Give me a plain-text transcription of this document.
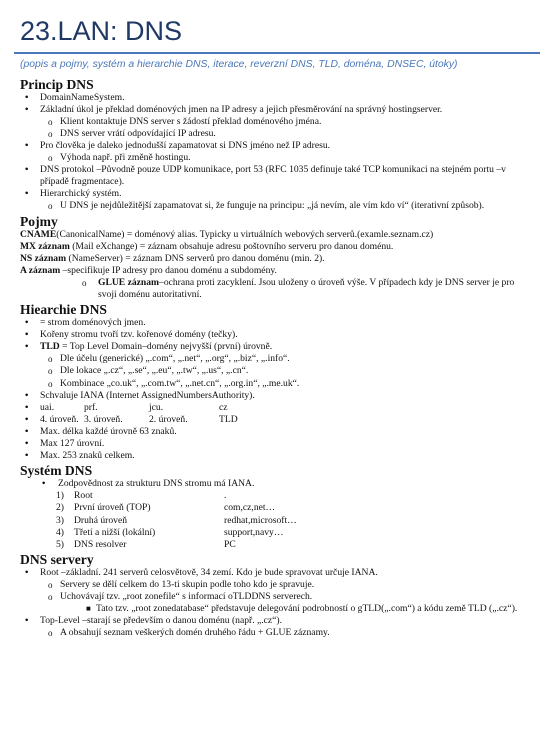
23.LAN: DNS
(popis a pojmy, systém a hierarchie DNS, iterace, reverzní DNS, TLD, doména, DNSEC, útoky)
Princip DNS
• DomainNameSystem.
• Základní úkol je překlad doménových jmen na IP adresy a jejich přesměrování na správný hostingserver.
o Klient kontaktuje DNS server s žádostí překlad doménového jména.
o DNS server vrátí odpovídající IP adresu.
• Pro člověka je daleko jednodušší zapamatovat si DNS jméno než IP adresu.
o Výhoda např. při změně hostingu.
• DNS protokol –Původně pouze UDP komunikace, port 53 (RFC 1035 definuje také TCP komunikaci na stejném portu –v případě fragmentace).
• Hierarchický systém.
o U DNS je nejdůležitější zapamatovat si, že funguje na principu: „já nevím, ale vím kdo ví“ (iterativní způsob).
Pojmy
CNAME(CanonicalName) = doménový alias. Typicky u virtuálních webových serverů.(examle.seznam.cz)
MX záznam (Mail eXchange) = záznam obsahuje adresu poštovního serveru pro danou doménu.
NS záznam (NameServer) = záznam DNS serverů pro danou doménu (min. 2).
A záznam –specifikuje IP adresy pro danou doménu a subdomény.
o GLUE záznam–ochrana proti zacyklení. Jsou uloženy o úroveň výše. V případech kdy je DNS server je pro svoji doménu autoritativní.
Hiearchie DNS
• = strom doménových jmen.
• Kořeny stromu tvoří tzv. kořenové domény (tečky).
• TLD = Top Level Domain–domény nejvyšší (první) úrovně.
o Dle účelu (generické) „.com“, „.net“, „.org“, „.biz“, „.info“.
o Dle lokace „.cz“, „.se“, „.eu“, „.tw“, „.us“, „.cn“.
o Kombinace „co.uk“, „.com.tw“, „.net.cn“, „.org.in“, „.me.uk“.
• Schvaluje IANA (Internet AssignedNumbersAuthority).
• uai.	prf.	jcu.	cz
• 4. úroveň. 3. úroveň.	2. úroveň.	TLD
• Max. délka každé úrovně 63 znaků.
• Max 127 úrovní.
• Max. 253 znaků celkem.
Systém DNS
• Zodpovědnost za strukturu DNS stromu má IANA.
1)	Root	.
2)	První úroveň (TOP)	com,cz,net…
3)	Druhá úroveň	redhat,microsoft…
4)	Třetí a nižší (lokální)	support,navy…
5)	DNS resolver	PC
DNS servery
• Root –základní. 241 serverů celosvětově, 34 zemí. Kdo je bude spravovat určuje IANA.
o Servery se dělí celkem do 13-ti skupin podle toho kdo je spravuje.
o Uchovávají tzv. „root zonefile“ s informací oTLDDNS serverech.
■ Tato tzv. „root zonedatabase“ představuje delegování podrobností o gTLD(„.com“) a kódu země TLD („.cz“).
• Top-Level –starají se především o danou doménu (např. „.cz“).
o A obsahují seznam veškerých domén druhého řádu + GLUE záznamy.
